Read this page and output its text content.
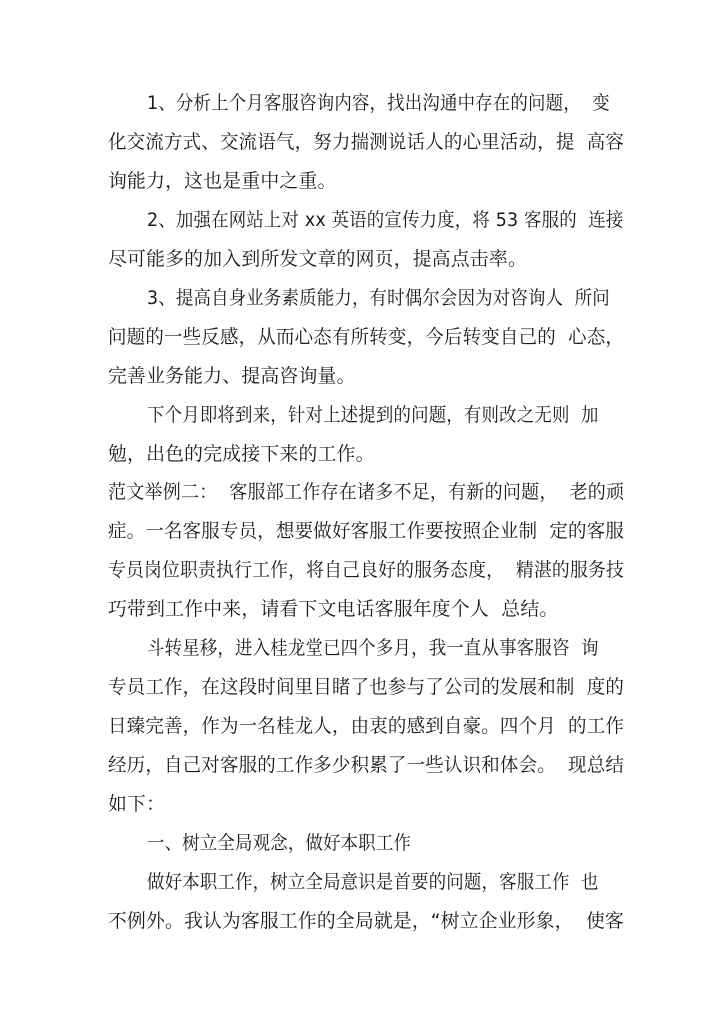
1、分析上个月客服咨询内容，找出沟通中存在的问题，  变
化交流方式、交流语气，努力揣测说话人的心里活动，提  高容
询能力，这也是重中之重。
2、加强在网站上对 xx 英语的宣传力度，将 53 客服的  连接
尽可能多的加入到所发文章的网页，提高点击率。
3、提高自身业务素质能力，有时偶尔会因为对咨询人  所问
问题的一些反感，从而心态有所转变，今后转变自己的  心态，
完善业务能力、提高咨询量。
下个月即将到来，针对上述提到的问题，有则改之无则  加
勉，出色的完成接下来的工作。
范文举例二：  客服部工作存在诸多不足，有新的问题，  老的顽
症。一名客服专员，想要做好客服工作要按照企业制  定的客服
专员岗位职责执行工作，将自己良好的服务态度，  精湛的服务技
巧带到工作中来，请看下文电话客服年度个人  总结。
斗转星移，进入桂龙堂已四个多月，我一直从事客服咨  询
专员工作，在这段时间里目睹了也参与了公司的发展和制  度的
日臻完善，作为一名桂龙人，由衷的感到自豪。四个月  的工作
经历，自己对客服的工作多少积累了一些认识和体会。  现总结
如下：
一、树立全局观念，做好本职工作
做好本职工作，树立全局意识是首要的问题，客服工作  也
不例外。我认为客服工作的全局就是，“树立企业形象，  使客
